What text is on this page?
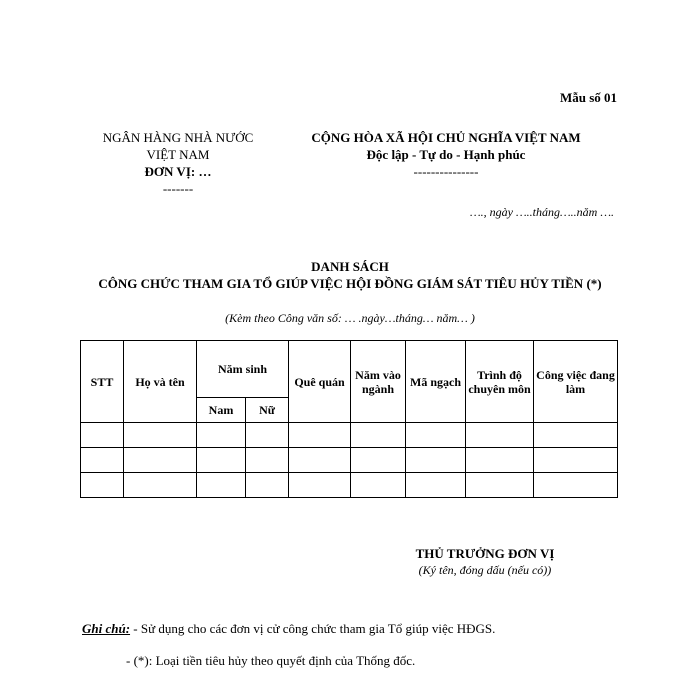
Mẫu số 01
NGÂN HÀNG NHÀ NƯỚC
VIỆT NAM
ĐƠN VỊ: …
-------
CỘNG HÒA XÃ HỘI CHỦ NGHĨA VIỆT NAM
Độc lập - Tự do - Hạnh phúc
---------------
…., ngày …..tháng…..năm ….
DANH SÁCH
CÔNG CHỨC THAM GIA TỔ GIÚP VIỆC HỘI ĐỒNG GIÁM SÁT TIÊU HỦY TIỀN (*)
(Kèm theo Công văn số: … .ngày…tháng… năm… )
STT	Họ và tên	Năm sinh		Quê quán	Năm vào ngành	Mã ngạch	Trình độ chuyên môn	Công việc đang làm
		Nam	Nữ					

THỦ TRƯỞNG ĐƠN VỊ
(Ký tên, đóng dấu (nếu có))
Ghi chú: - Sử dụng cho các đơn vị cử công chức tham gia Tổ giúp việc HĐGS.
- (*): Loại tiền tiêu hủy theo quyết định của Thống đốc.
